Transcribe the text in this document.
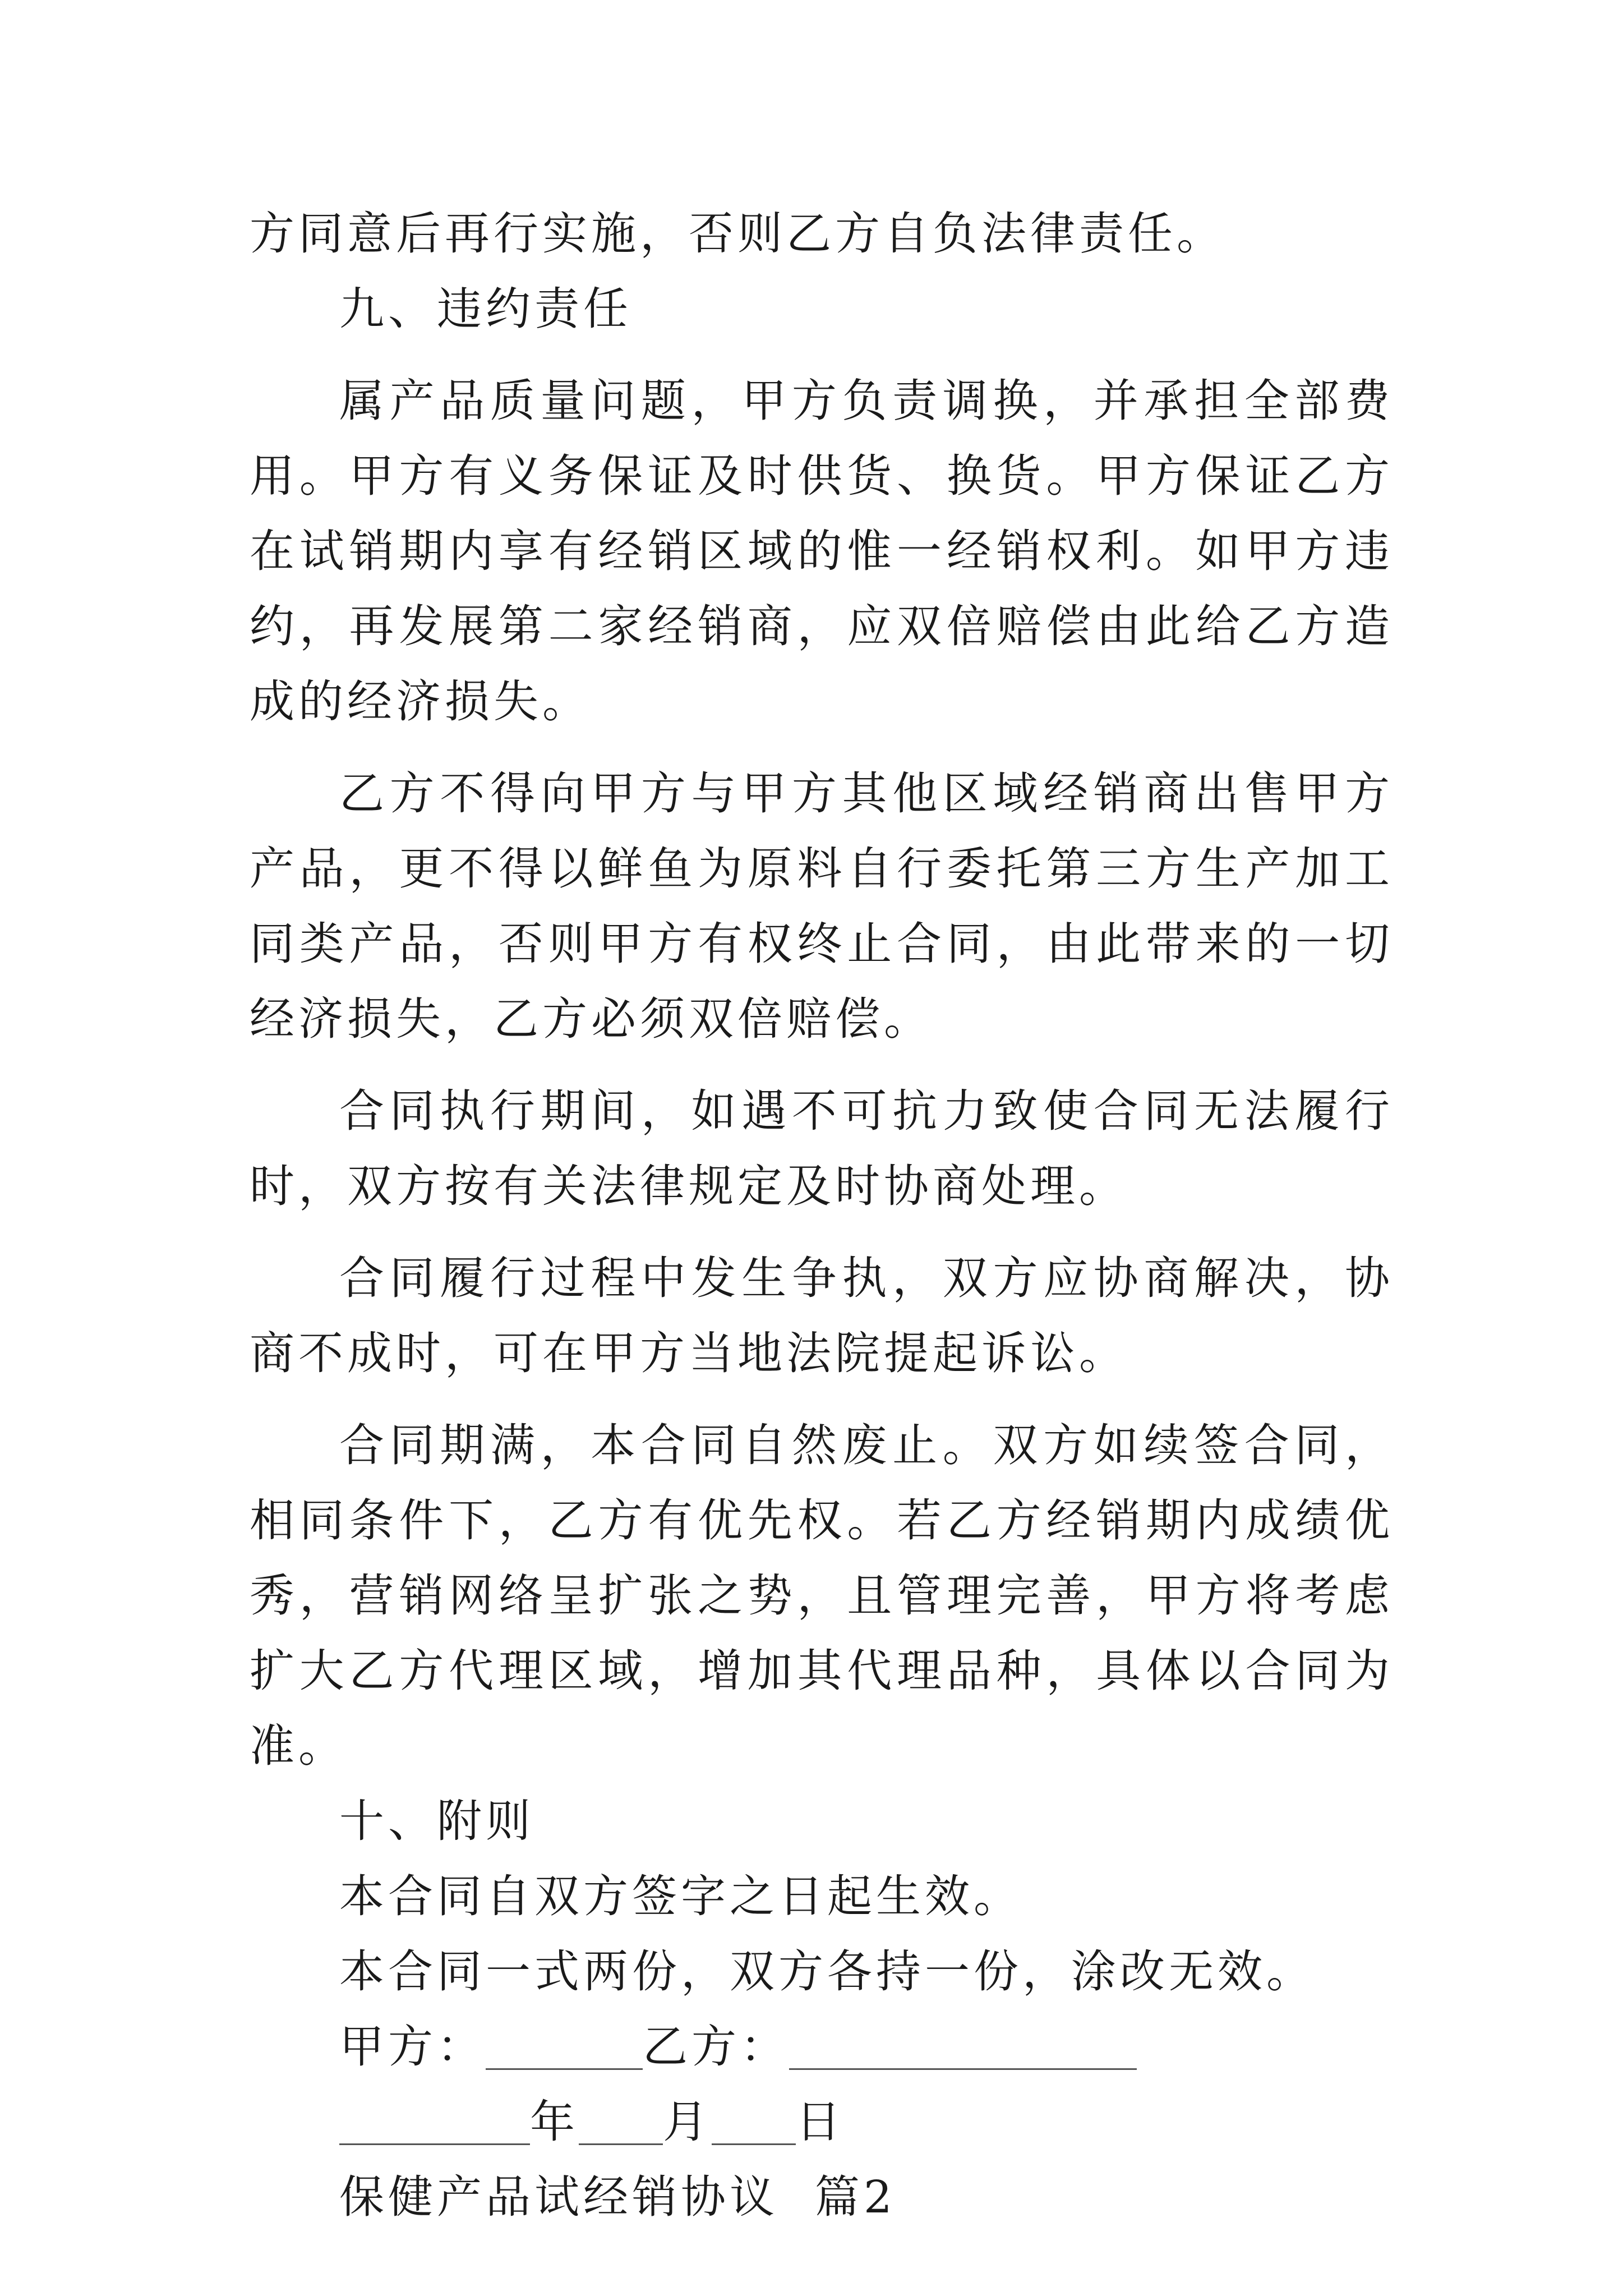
方同意后再行实施，否则乙方自负法律责任。

九、违约责任

属产品质量问题，甲方负责调换，并承担全部费用。甲方有义务保证及时供货、换货。甲方保证乙方在试销期内享有经销区域的惟一经销权利。如甲方违约，再发展第二家经销商，应双倍赔偿由此给乙方造成的经济损失。

乙方不得向甲方与甲方其他区域经销商出售甲方产品，更不得以鲜鱼为原料自行委托第三方生产加工同类产品，否则甲方有权终止合同，由此带来的一切经济损失，乙方必须双倍赔偿。

合同执行期间，如遇不可抗力致使合同无法履行时，双方按有关法律规定及时协商处理。

合同履行过程中发生争执，双方应协商解决，协商不成时，可在甲方当地法院提起诉讼。

合同期满，本合同自然废止。双方如续签合同，相同条件下，乙方有优先权。若乙方经销期内成绩优秀，营销网络呈扩张之势，且管理完善，甲方将考虑扩大乙方代理区域，增加其代理品种，具体以合同为准。

十、附则

本合同自双方签字之日起生效。

本合同一式两份，双方各持一份，涂改无效。

甲方：	乙方：

年 月 日

保健产品试经销协议  篇2
